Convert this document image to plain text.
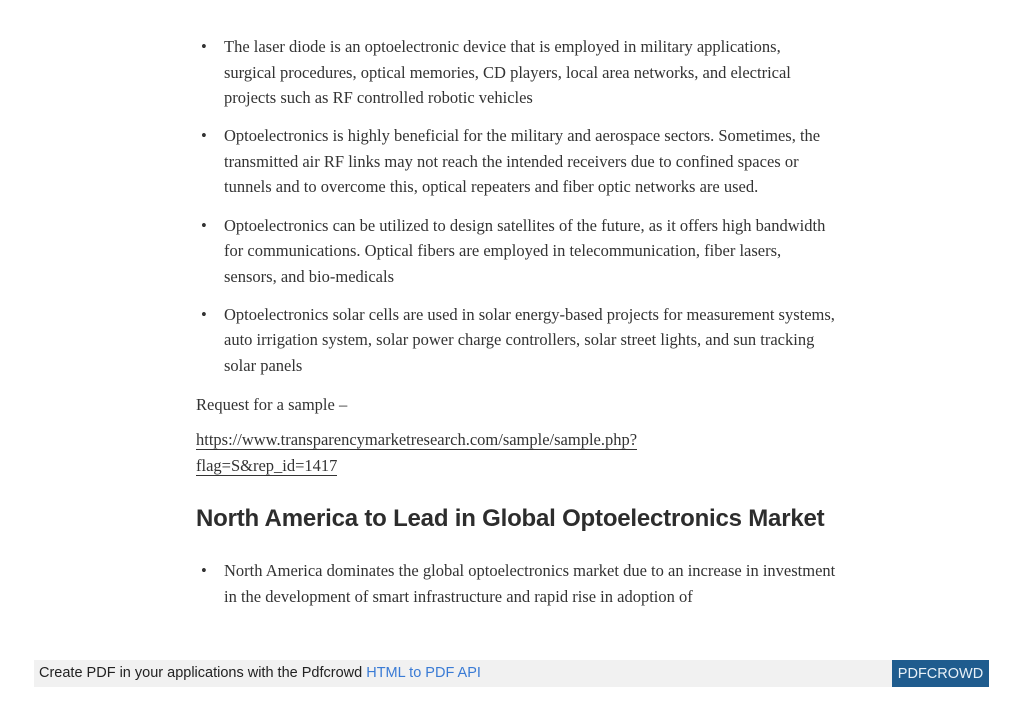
• The laser diode is an optoelectronic device that is employed in military applications, surgical procedures, optical memories, CD players, local area networks, and electrical projects such as RF controlled robotic vehicles
• Optoelectronics is highly beneficial for the military and aerospace sectors. Sometimes, the transmitted air RF links may not reach the intended receivers due to confined spaces or tunnels and to overcome this, optical repeaters and fiber optic networks are used.
• Optoelectronics can be utilized to design satellites of the future, as it offers high bandwidth for communications. Optical fibers are employed in telecommunication, fiber lasers, sensors, and bio-medicals
• Optoelectronics solar cells are used in solar energy-based projects for measurement systems, auto irrigation system, solar power charge controllers, solar street lights, and sun tracking solar panels

Request for a sample –

https://www.transparencymarketresearch.com/sample/sample.php?
flag=S&rep_id=1417

North America to Lead in Global Optoelectronics Market
• North America dominates the global optoelectronics market due to an increase in investment in the development of smart infrastructure and rapid rise in adoption of
Create PDF in your applications with the Pdfcrowd HTML to PDF API	PDFCROWD
